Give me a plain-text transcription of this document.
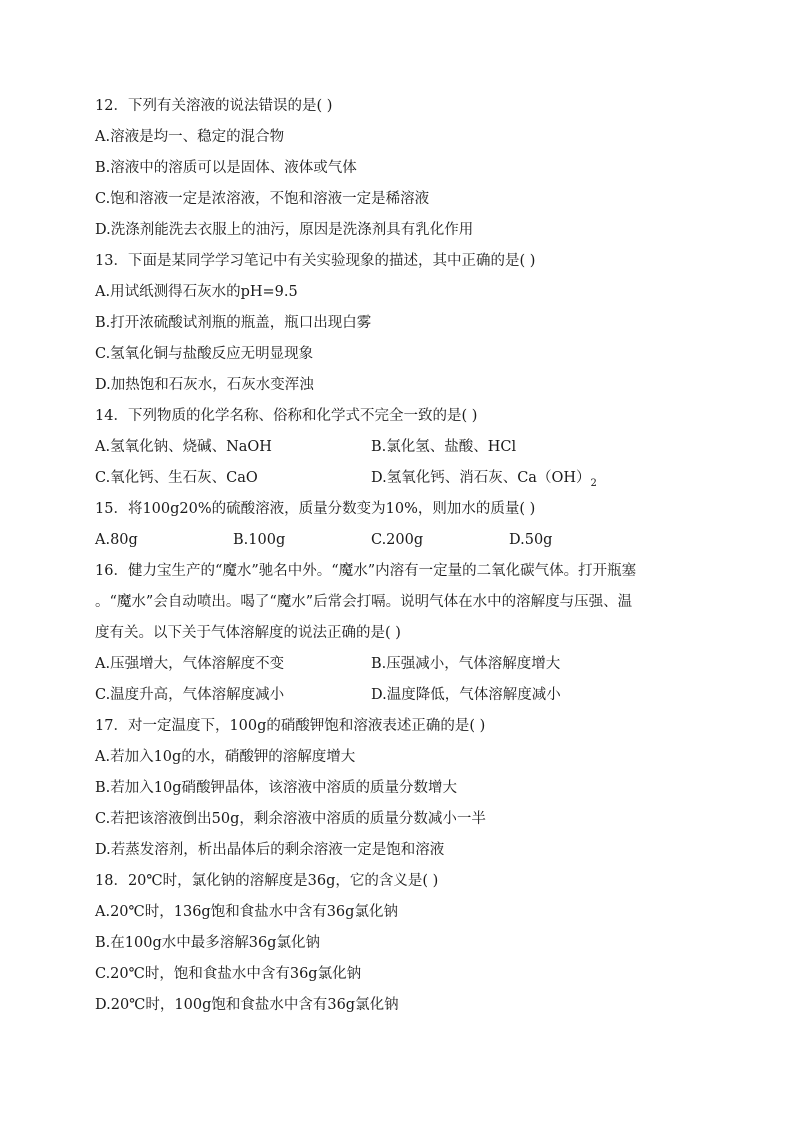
12．下列有关溶液的说法错误的是( )
A.溶液是均一、稳定的混合物
B.溶液中的溶质可以是固体、液体或气体
C.饱和溶液一定是浓溶液，不饱和溶液一定是稀溶液
D.洗涤剂能洗去衣服上的油污，原因是洗涤剂具有乳化作用
13．下面是某同学学习笔记中有关实验现象的描述，其中正确的是( )
A.用试纸测得石灰水的pH=9.5
B.打开浓硫酸试剂瓶的瓶盖，瓶口出现白雾
C.氢氧化铜与盐酸反应无明显现象
D.加热饱和石灰水，石灰水变浑浊
14．下列物质的化学名称、俗称和化学式不完全一致的是( )
A.氢氧化钠、烧碱、NaOH	B.氯化氢、盐酸、HCl
C.氧化钙、生石灰、CaO	D.氢氧化钙、消石灰、$Ca(OH)_2$
15．将100g20%的硫酸溶液，质量分数变为10%，则加水的质量( )
A.80g	B.100g	C.200g	D.50g
16．健力宝生产的“魔水”驰名中外。“魔水”内溶有一定量的二氧化碳气体。打开瓶塞
。“魔水”会自动喷出。喝了“魔水”后常会打嗝。说明气体在水中的溶解度与压强、温
度有关。以下关于气体溶解度的说法正确的是( )
A.压强增大，气体溶解度不变	B.压强减小，气体溶解度增大
C.温度升高，气体溶解度减小	D.温度降低，气体溶解度减小
17．对一定温度下，100g的硝酸钾饱和溶液表述正确的是( )
A.若加入10g的水，硝酸钾的溶解度增大
B.若加入10g硝酸钾晶体，该溶液中溶质的质量分数增大
C.若把该溶液倒出50g，剩余溶液中溶质的质量分数减小一半
D.若蒸发溶剂，析出晶体后的剩余溶液一定是饱和溶液
18．20℃时，氯化钠的溶解度是36g，它的含义是( )
A.20℃时，136g饱和食盐水中含有36g氯化钠
B.在100g水中最多溶解36g氯化钠
C.20℃时，饱和食盐水中含有36g氯化钠
D.20℃时，100g饱和食盐水中含有36g氯化钠
